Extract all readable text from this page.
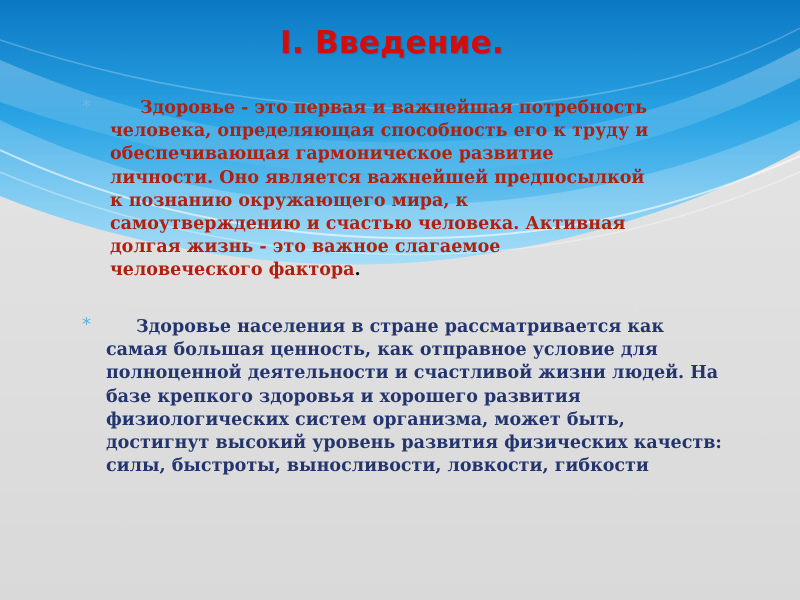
I. Введение.
*	Здоровье - это первая и важнейшая потребность человека, определяющая способность его к труду и обеспечивающая гармоническое развитие личности. Оно является важнейшей предпосылкой к познанию окружающего мира, к самоутверждению и счастью человека. Активная долгая жизнь - это важное слагаемое человеческого фактора.

*	Здоровье населения в стране рассматривается как самая большая ценность, как отправное условие для полноценной деятельности и счастливой жизни людей. На базе крепкого здоровья и хорошего развития физиологических систем организма, может быть, достигнут высокий уровень развития физических качеств: силы, быстроты, выносливости, ловкости, гибкости
